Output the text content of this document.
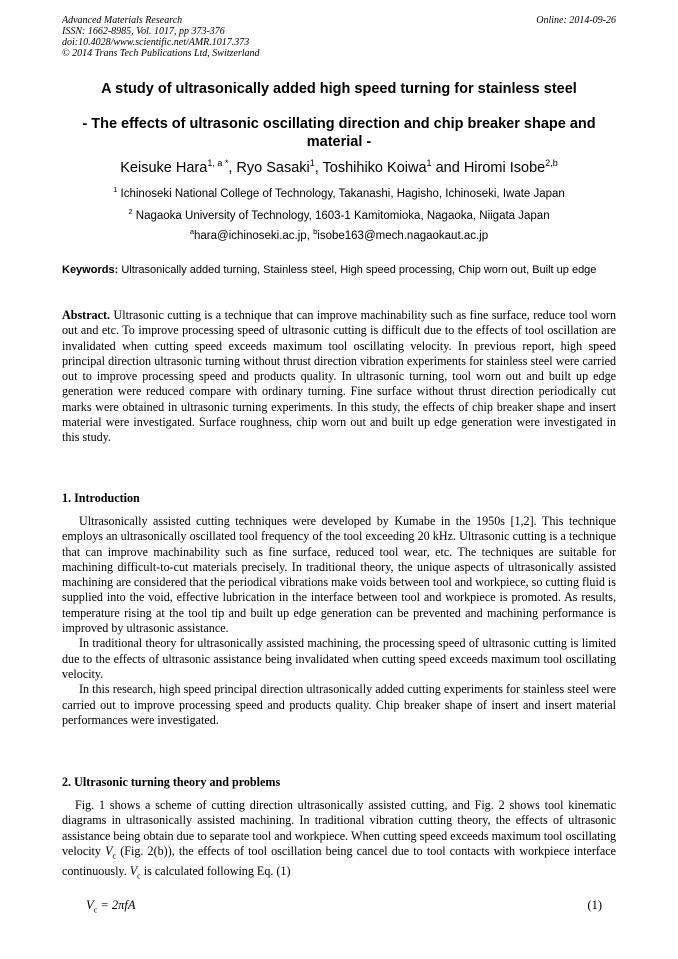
Advanced Materials Research
ISSN: 1662-8985, Vol. 1017, pp 373-376
doi:10.4028/www.scientific.net/AMR.1017.373
© 2014 Trans Tech Publications Ltd, Switzerland
Online: 2014-09-26
A study of ultrasonically added high speed turning for stainless steel
- The effects of ultrasonic oscillating direction and chip breaker shape and material -
Keisuke Hara$^{1, a *}$, Ryo Sasaki$^1$, Toshihiko Koiwa$^1$ and Hiromi Isobe$^{2,b}$
$^1$ Ichinoseki National College of Technology, Takanashi, Hagisho, Ichinoseki, Iwate Japan
$^2$ Nagaoka University of Technology, 1603-1 Kamitomioka, Nagaoka, Niigata Japan
$^a$hara@ichinoseki.ac.jp, $^b$isobe163@mech.nagaokaut.ac.jp
Keywords: Ultrasonically added turning, Stainless steel, High speed processing, Chip worn out, Built up edge
Abstract. Ultrasonic cutting is a technique that can improve machinability such as fine surface, reduce tool worn out and etc. To improve processing speed of ultrasonic cutting is difficult due to the effects of tool oscillation are invalidated when cutting speed exceeds maximum tool oscillating velocity. In previous report, high speed principal direction ultrasonic turning without thrust direction vibration experiments for stainless steel were carried out to improve processing speed and products quality. In ultrasonic turning, tool worn out and built up edge generation were reduced compare with ordinary turning. Fine surface without thrust direction periodically cut marks were obtained in ultrasonic turning experiments. In this study, the effects of chip breaker shape and insert material were investigated. Surface roughness, chip worn out and built up edge generation were investigated in this study.
1. Introduction

Ultrasonically assisted cutting techniques were developed by Kumabe in the 1950s [1,2]. This technique employs an ultrasonically oscillated tool frequency of the tool exceeding 20 kHz. Ultrasonic cutting is a technique that can improve machinability such as fine surface, reduced tool wear, etc. The techniques are suitable for machining difficult-to-cut materials precisely. In traditional theory, the unique aspects of ultrasonically assisted machining are considered that the periodical vibrations make voids between tool and workpiece, so cutting fluid is supplied into the void, effective lubrication in the interface between tool and workpiece is promoted. As results, temperature rising at the tool tip and built up edge generation can be prevented and machining performance is improved by ultrasonic assistance.

In traditional theory for ultrasonically assisted machining, the processing speed of ultrasonic cutting is limited due to the effects of ultrasonic assistance being invalidated when cutting speed exceeds maximum tool oscillating velocity.

In this research, high speed principal direction ultrasonically added cutting experiments for stainless steel were carried out to improve processing speed and products quality. Chip breaker shape of insert and insert material performances were investigated.

2. Ultrasonic turning theory and problems

Fig. 1 shows a scheme of cutting direction ultrasonically assisted cutting, and Fig. 2 shows tool kinematic diagrams in ultrasonically assisted machining. In traditional vibration cutting theory, the effects of ultrasonic assistance being obtain due to separate tool and workpiece. When cutting speed exceeds maximum tool oscillating velocity $V_c$ (Fig. 2(b)), the effects of tool oscillation being cancel due to tool contacts with workpiece interface continuously. $V_c$ is calculated following Eq. (1)

$V_c = 2\pi fA$	(1)
